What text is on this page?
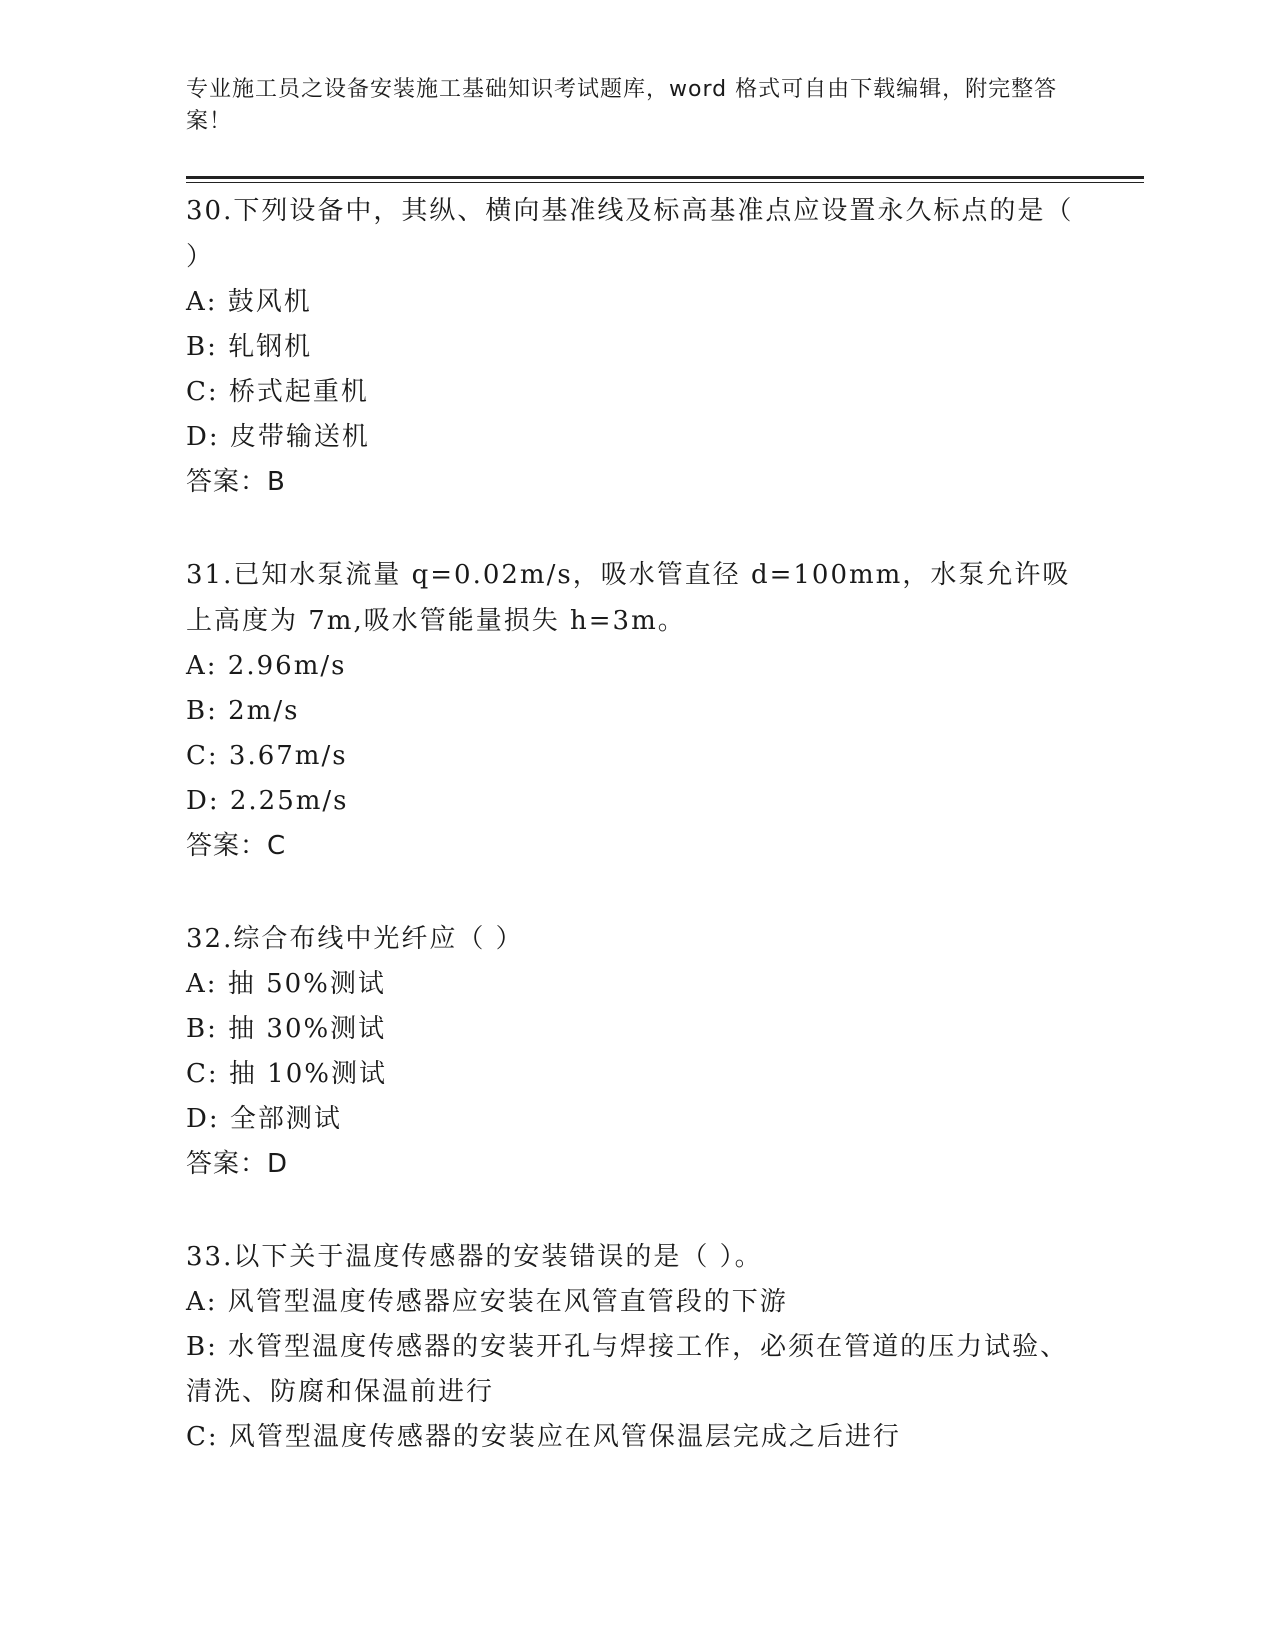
专业施工员之设备安装施工基础知识考试题库，word 格式可自由下载编辑，附完整答案！

30.下列设备中，其纵、横向基准线及标高基准点应设置永久标点的是（ ）

A: 鼓风机

B: 轧钢机

C: 桥式起重机

D: 皮带输送机

答案：B

31.已知水泵流量 q=0.02m/s，吸水管直径 d=100mm，水泵允许吸上高度为 7m,吸水管能量损失 h=3m。

A: 2.96m/s

B: 2m/s

C: 3.67m/s

D: 2.25m/s

答案：C

32.综合布线中光纤应（ ）

A: 抽 50%测试

B: 抽 30%测试

C: 抽 10%测试

D: 全部测试

答案：D

33.以下关于温度传感器的安装错误的是（ ）。

A: 风管型温度传感器应安装在风管直管段的下游

B: 水管型温度传感器的安装开孔与焊接工作，必须在管道的压力试验、清洗、防腐和保温前进行

C: 风管型温度传感器的安装应在风管保温层完成之后进行
